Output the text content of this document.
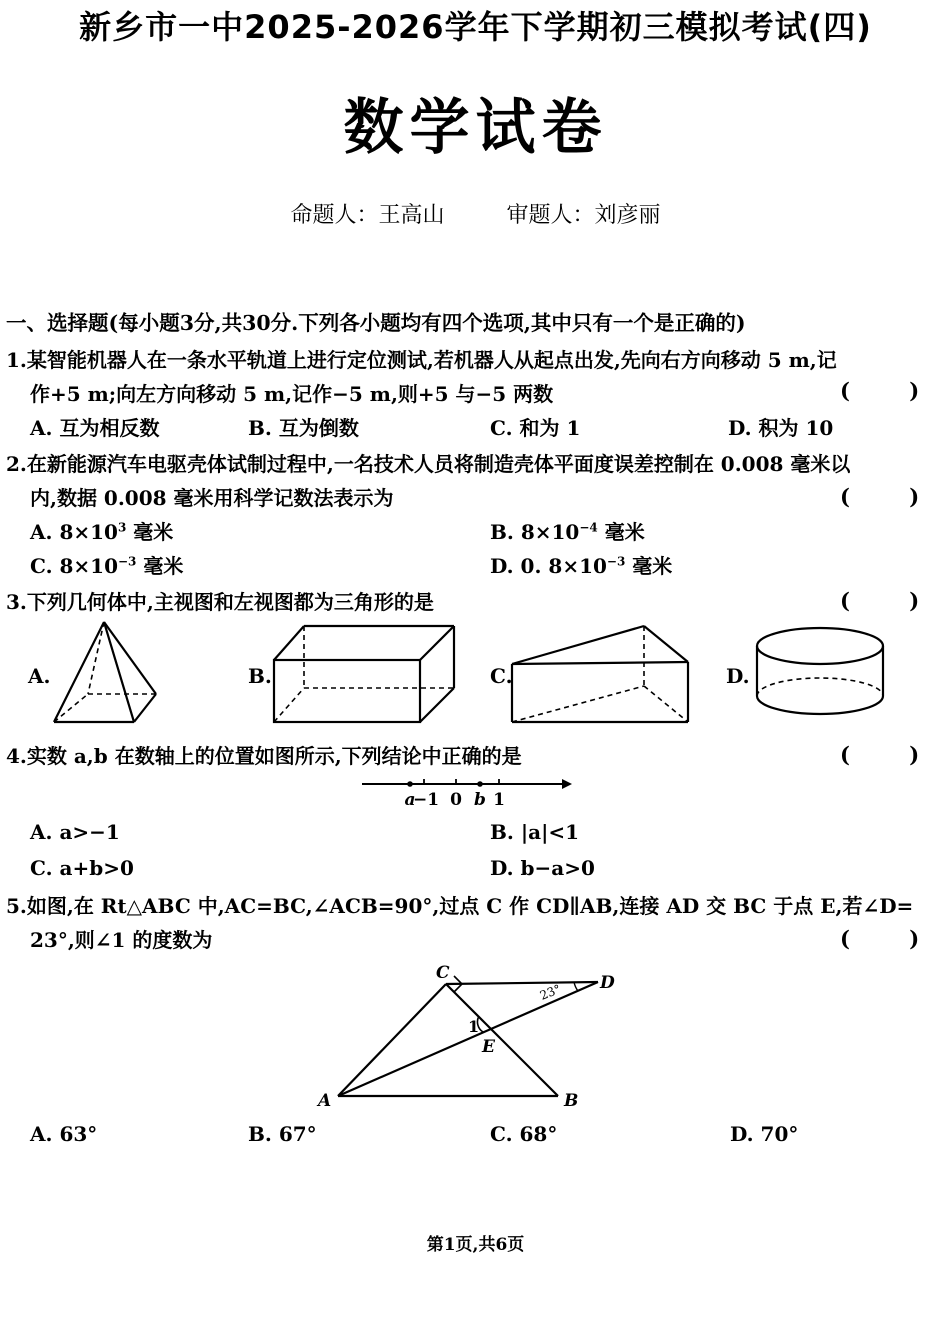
新乡市一中2025-2026学年下学期初三模拟考试(四)
数学试卷
命题人：王高山	审题人：刘彦丽
一、选择题(每小题3分,共30分.下列各小题均有四个选项,其中只有一个是正确的)
1.某智能机器人在一条水平轨道上进行定位测试,若机器人从起点出发,先向右方向移动 5 m,记
作+5 m;向左方向移动 5 m,记作−5 m,则+5 与−5 两数	( )
A. 互为相反数	B. 互为倒数	C. 和为 1	D. 积为 10
2.在新能源汽车电驱壳体试制过程中,一名技术人员将制造壳体平面度误差控制在 0.008 毫米以
内,数据 0.008 毫米用科学记数法表示为	( )
A. $8\times 10^3$ 毫米	B. $8\times 10^{-4}$ 毫米
C. $8\times 10^{-3}$ 毫米	D. 0. $8\times 10^{-3}$ 毫米
3.下列几何体中,主视图和左视图都为三角形的是	( )
A.	B.	C.	D.
4.实数 a,b 在数轴上的位置如图所示,下列结论中正确的是	( )
a
−1 0 b 1
A. a>−1	B. |a|<1
C. a+b>0	D. b−a>0
5.如图,在 Rt△ABC 中,AC=BC,∠ACB=90°,过点 C 作 CD∥AB,连接 AD 交 BC 于点 E,若∠D=
23°,则∠1 的度数为	( )
C	D
A	B
E
1
23°
A. 63°	B. 67°	C. 68°	D. 70°
第1页,共6页
